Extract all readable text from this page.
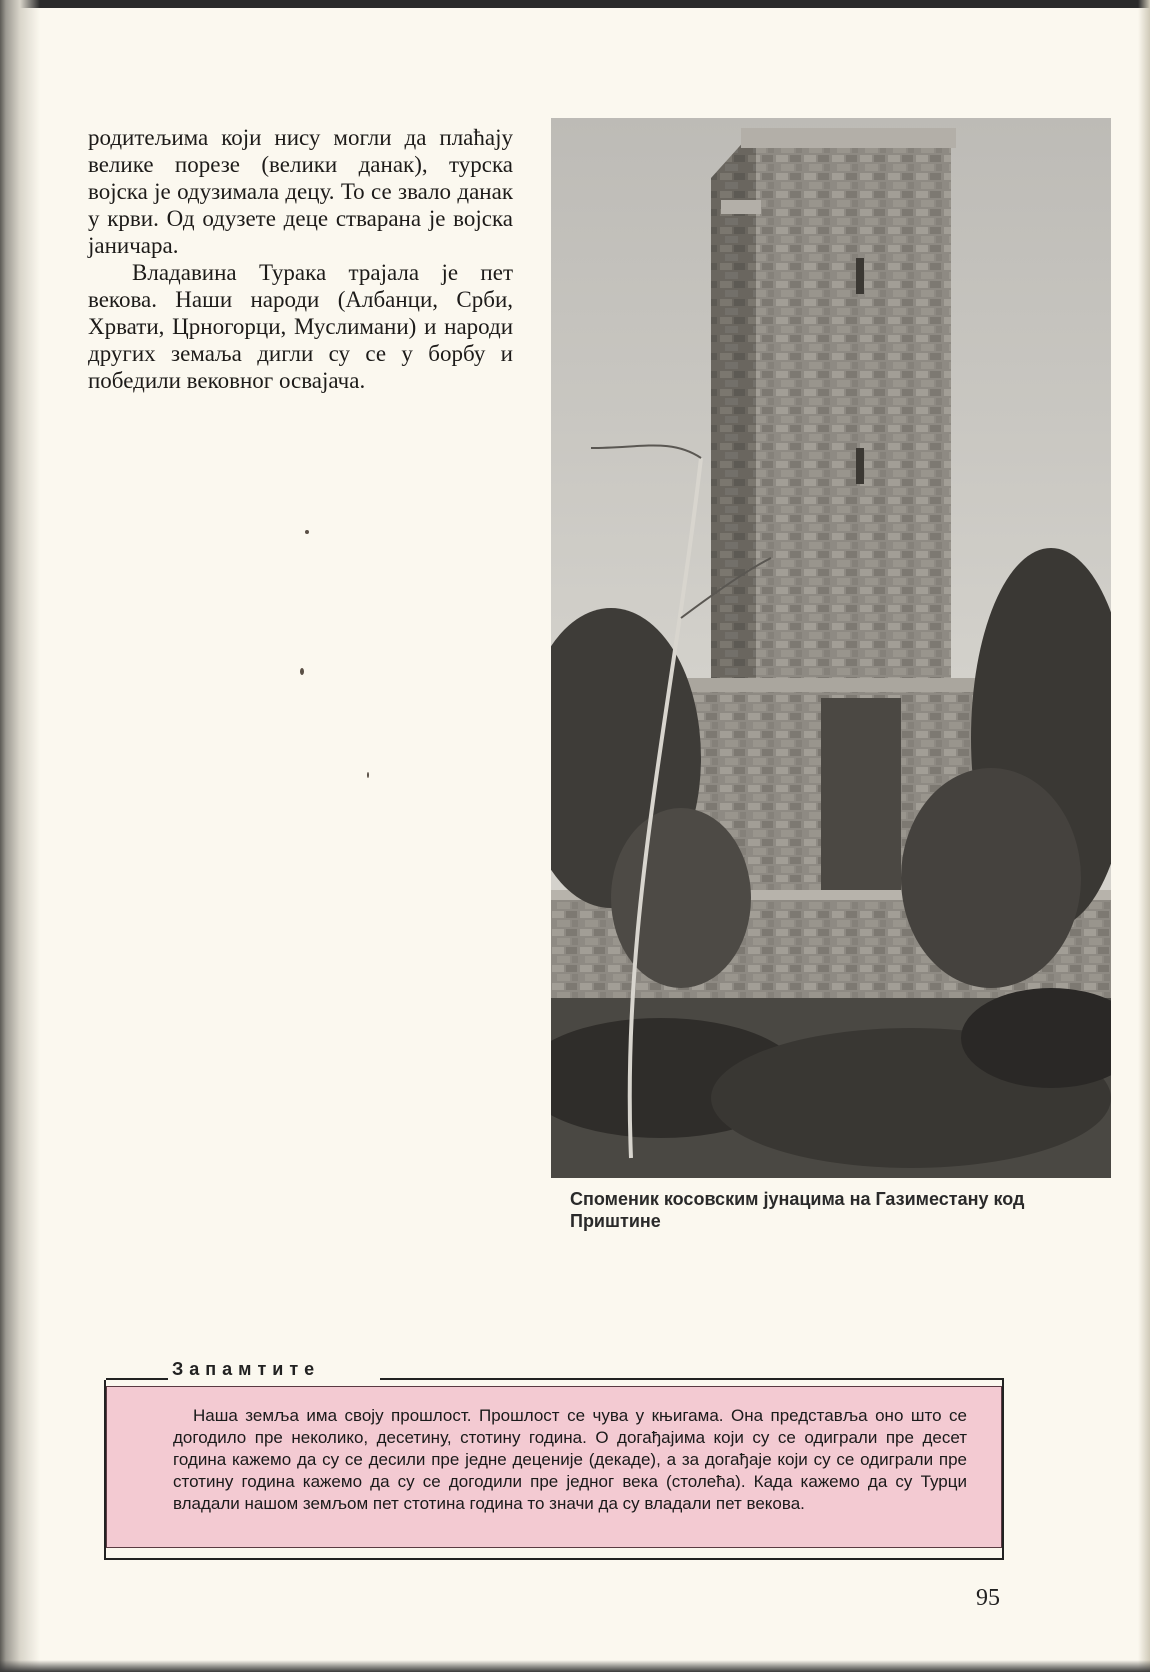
родитељима који нису могли да плаћају велике порезе (велики данак), турска војска је одузимала децу. То се звало данак у крви. Од одузете деце стварана је војска јаничара.

Владавина Турака трајала је пет векова. Наши народи (Албанци, Срби, Хрвати, Црногорци, Муслимани) и народи других земаља дигли су се у борбу и победили вековног освајача.

Споменик косовским јунацима на Газиместану код Приштине
Запамтите
Наша земља има своју прошлост. Прошлост се чува у књигама. Она представља оно што се догодило пре неколико, десетину, стотину година. О догађајима који су се одиграли пре десет година кажемо да су се десили пре једне деценије (декаде), а за догађаје који су се одиграли пре стотину година кажемо да су се догодили пре једног века (столећа). Када кажемо да су Турци владали нашом земљом пет стотина година то значи да су владали пет векова.
95
